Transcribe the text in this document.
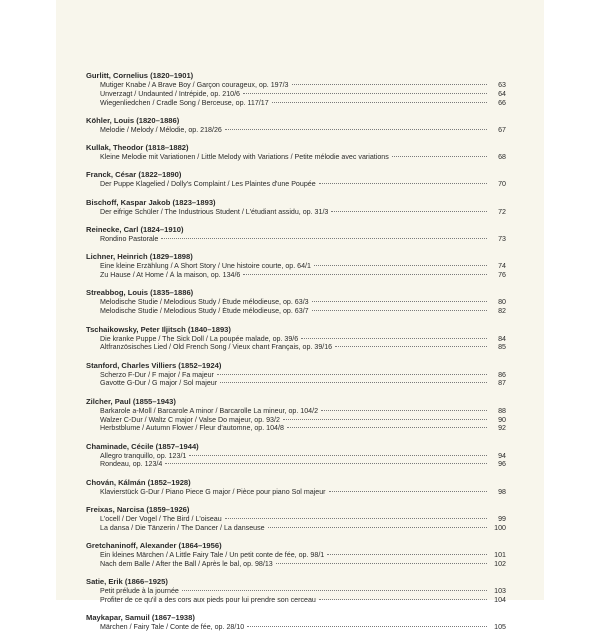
Gurlitt, Cornelius (1820–1901)
Mutiger Knabe / A Brave Boy / Garçon courageux, op. 197/3	63
Unverzagt / Undaunted / Intrépide, op. 210/6	64
Wiegenliedchen / Cradle Song / Berceuse, op. 117/17	66
Köhler, Louis (1820–1886)
Melodie / Melody / Mélodie, op. 218/26	67
Kullak, Theodor (1818–1882)
Kleine Melodie mit Variationen / Little Melody with Variations / Petite mélodie avec variations	68
Franck, César (1822–1890)
Der Puppe Klagelied / Dolly's Complaint / Les Plaintes d'une Poupée	70
Bischoff, Kaspar Jakob (1823–1893)
Der eifrige Schüler / The Industrious Student / L'étudiant assidu, op. 31/3	72
Reinecke, Carl (1824–1910)
Rondino Pastorale	73
Lichner, Heinrich (1829–1898)
Eine kleine Erzählung / A Short Story / Une histoire courte, op. 64/1	74
Zu Hause / At Home / À la maison, op. 134/6	76
Streabbog, Louis (1835–1886)
Melodische Studie / Melodious Study / Étude mélodieuse, op. 63/3	80
Melodische Studie / Melodious Study / Étude mélodieuse, op. 63/7	82
Tschaikowsky, Peter Iljitsch (1840–1893)
Die kranke Puppe / The Sick Doll / La poupée malade, op. 39/6	84
Altfranzösisches Lied / Old French Song / Vieux chant Français, op. 39/16	85
Stanford, Charles Villiers (1852–1924)
Scherzo F-Dur / F major / Fa majeur	86
Gavotte G-Dur / G major / Sol majeur	87
Zilcher, Paul (1855–1943)
Barkarole a-Moll / Barcarole A minor / Barcarolle La mineur, op. 104/2	88
Walzer C-Dur / Waltz C major / Valse Do majeur, op. 93/2	90
Herbstblume / Autumn Flower / Fleur d'automne, op. 104/8	92
Chaminade, Cécile (1857–1944)
Allegro tranquillo, op. 123/1	94
Rondeau, op. 123/4	96
Chován, Kálmán (1852–1928)
Klavierstück G-Dur / Piano Piece G major / Pièce pour piano Sol majeur	98
Freixas, Narcisa (1859–1926)
L'ocell / Der Vogel / The Bird / L'oiseau	99
La dansa / Die Tänzerin / The Dancer / La danseuse	100
Gretchaninoff, Alexander (1864–1956)
Ein kleines Märchen / A Little Fairy Tale / Un petit conte de fée, op. 98/1	101
Nach dem Balle / After the Ball / Après le bal, op. 98/13	102
Satie, Erik (1866–1925)
Petit prélude à la journée	103
Profiter de ce qu'il a des cors aux pieds pour lui prendre son cerceau	104
Maykapar, Samuil (1867–1938)
Märchen / Fairy Tale / Conte de fée, op. 28/10	105
